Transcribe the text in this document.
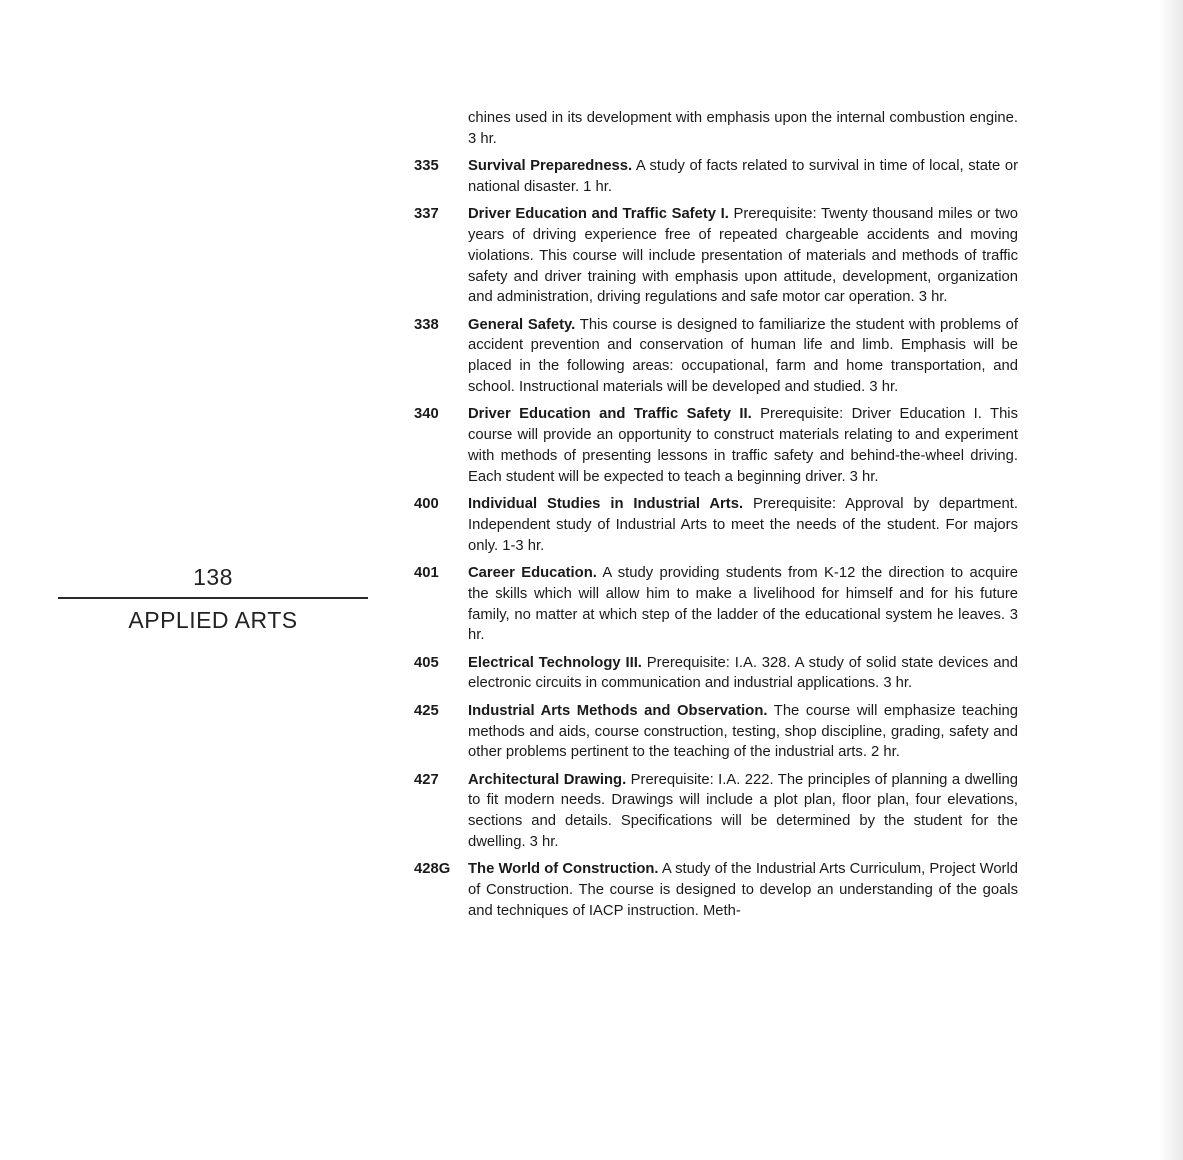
138
APPLIED ARTS
chines used in its development with emphasis upon the internal combustion engine. 3 hr.
335	Survival Preparedness. A study of facts related to survival in time of local, state or national disaster. 1 hr.
337	Driver Education and Traffic Safety I. Prerequisite: Twenty thousand miles or two years of driving experience free of repeated chargeable accidents and moving violations. This course will include presentation of materials and methods of traffic safety and driver training with emphasis upon attitude, development, organization and administration, driving regulations and safe motor car operation. 3 hr.
338	General Safety. This course is designed to familiarize the student with problems of accident prevention and conservation of human life and limb. Emphasis will be placed in the following areas: occupational, farm and home transportation, and school. Instructional materials will be developed and studied. 3 hr.
340	Driver Education and Traffic Safety II. Prerequisite: Driver Education I. This course will provide an opportunity to construct materials relating to and experiment with methods of presenting lessons in traffic safety and behind-the-wheel driving. Each student will be expected to teach a beginning driver. 3 hr.
400	Individual Studies in Industrial Arts. Prerequisite: Approval by department. Independent study of Industrial Arts to meet the needs of the student. For majors only. 1-3 hr.
401	Career Education. A study providing students from K-12 the direction to acquire the skills which will allow him to make a livelihood for himself and for his future family, no matter at which step of the ladder of the educational system he leaves. 3 hr.
405	Electrical Technology III. Prerequisite: I.A. 328. A study of solid state devices and electronic circuits in communication and industrial applications. 3 hr.
425	Industrial Arts Methods and Observation. The course will emphasize teaching methods and aids, course construction, testing, shop discipline, grading, safety and other problems pertinent to the teaching of the industrial arts. 2 hr.
427	Architectural Drawing. Prerequisite: I.A. 222. The principles of planning a dwelling to fit modern needs. Drawings will include a plot plan, floor plan, four elevations, sections and details. Specifications will be determined by the student for the dwelling. 3 hr.
428G	The World of Construction. A study of the Industrial Arts Curriculum, Project World of Construction. The course is designed to develop an understanding of the goals and techniques of IACP instruction. Meth-
